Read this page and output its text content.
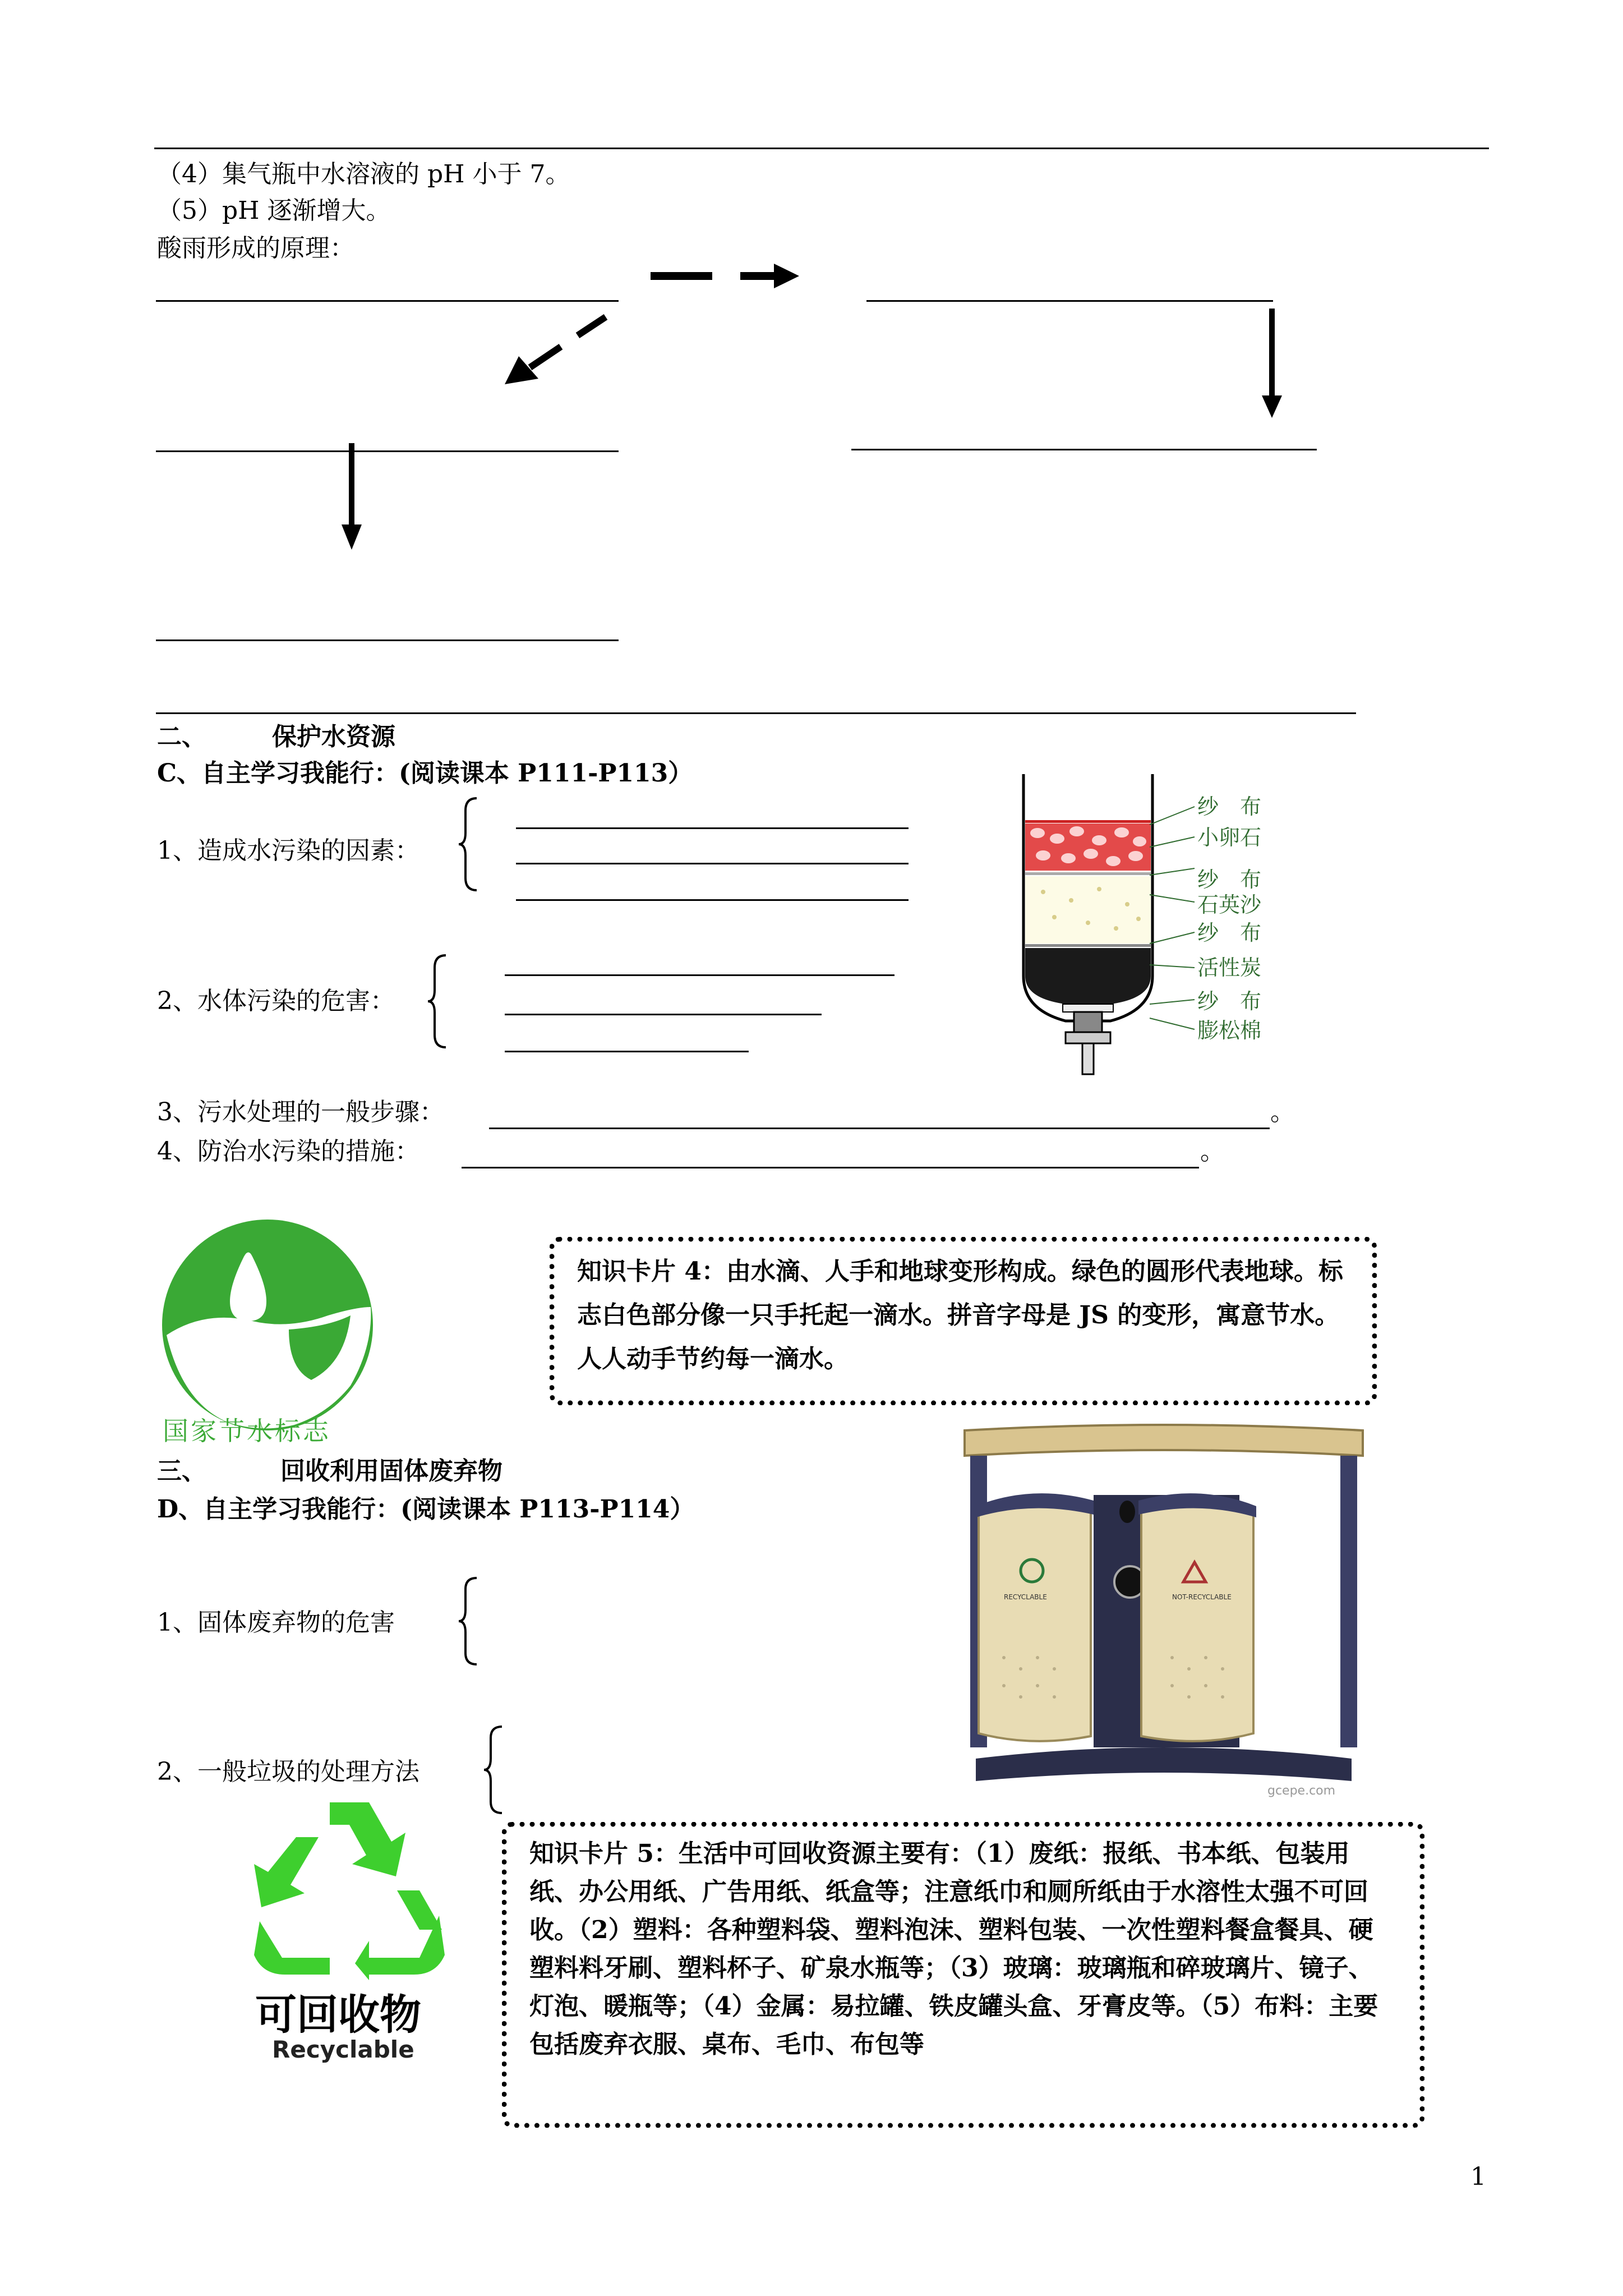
（4）集气瓶中水溶液的 pH 小于 7。
（5）pH 逐渐增大。
酸雨形成的原理：
二、	保护水资源
C、自主学习我能行：(阅读课本 P111-P113）
1、造成水污染的因素：
2、水体污染的危害：
3、污水处理的一般步骤：	。
4、防治水污染的措施：	。
纱　布
小卵石
纱　布
石英沙
纱　布
活性炭
纱　布
膨松棉
国家节水标志
知识卡片 4：由水滴、人手和地球变形构成。绿色的圆形代表地球。标志白色部分像一只手托起一滴水。拼音字母是 JS 的变形，寓意节水。人人动手节约每一滴水。
三、	回收利用固体废弃物
D、自主学习我能行：(阅读课本 P113-P114）
1、固体废弃物的危害
2、一般垃圾的处理方法
RECYCLABLE	NOT-RECYCLABLE
gcepe.com
可回收物
Recyclable
知识卡片 5：生活中可回收资源主要有：（1）废纸：报纸、书本纸、包装用纸、办公用纸、广告用纸、纸盒等；注意纸巾和厕所纸由于水溶性太强不可回收。（2）塑料：各种塑料袋、塑料泡沫、塑料包装、一次性塑料餐盒餐具、硬塑料料牙刷、塑料杯子、矿泉水瓶等；（3）玻璃：玻璃瓶和碎玻璃片、镜子、灯泡、暖瓶等；（4）金属：易拉罐、铁皮罐头盒、牙膏皮等。（5）布料：主要包括废弃衣服、桌布、毛巾、布包等
1
